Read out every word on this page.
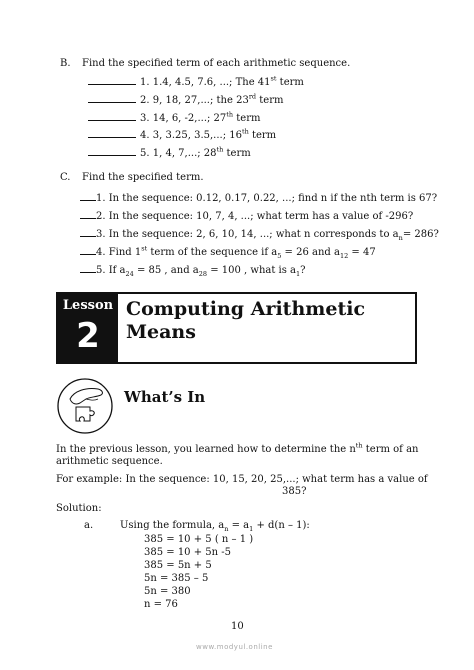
B. Find the specified term of each arithmetic sequence.
1. 1.4, 4.5, 7.6, ...; The 41st term
2. 9, 18, 27,...; the 23rd term
3. 14, 6, -2,...; 27th term
4. 3, 3.25, 3.5,...; 16th term
5. 1, 4, 7,...; 28th term
C. Find the specified term.
1. In the sequence: 0.12, 0.17, 0.22, ...; find n if the nth term is 67?
2. In the sequence: 10, 7, 4, ...; what term has a value of -296?
3. In the sequence: 2, 6, 10, 14, ...; what n corresponds to $a_n= 286$?
4. Find 1st term of the sequence if $a_5 = 26$ and $a_{12} = 47$
5. If $a_{24} = 85$ , and $a_{28} = 100$ , what is $a_1$?
Lesson
2
Computing Arithmetic
Means
What’s In
In the previous lesson, you learned how to determine the $n^{th}$ term of an
arithmetic sequence.
For example: In the sequence: 10, 15, 20, 25,...; what term has a value of
385?
Solution:
a.	Using the formula, $a_n = a_1 + d(n - 1)$:
385 = 10 + 5 ( n – 1 )
385 = 10 + 5n -5
385 = 5n + 5
5n = 385 – 5
5n = 380
n = 76
10
www.modyul.online
